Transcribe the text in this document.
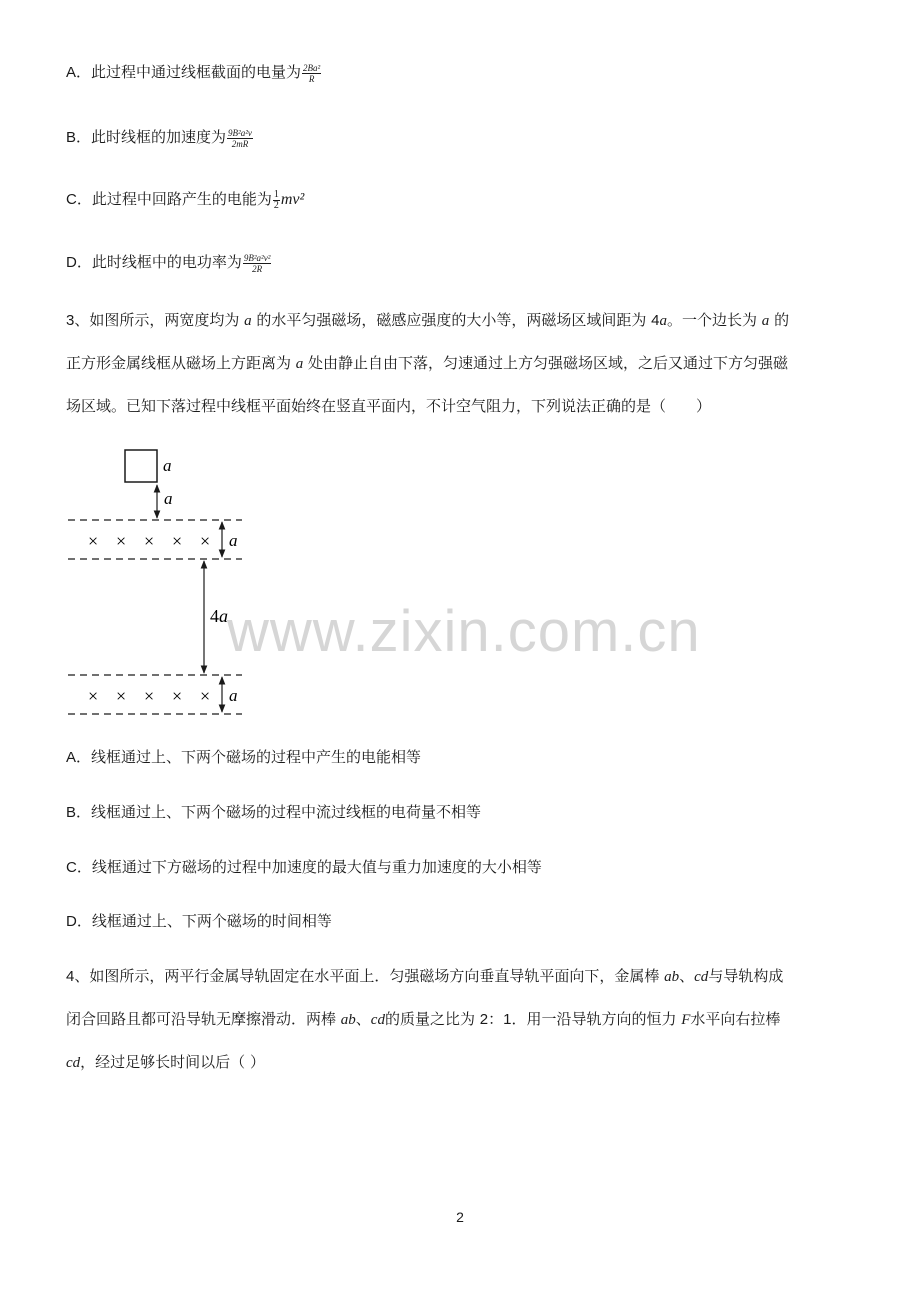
A．此过程中通过线框截面的电量为 $\frac{\text{2Ba²}}{R}$
B．此时线框的加速度为 $\frac{\text{9B²a²v}}{2mR}$
C．此过程中回路产生的电能为 $\frac{1}{2} mv^2$
D．此时线框中的电功率为 $\frac{\text{9B²a²v²}}{2R}$
3、如图所示，两宽度均为 a 的水平匀强磁场，磁感应强度的大小等，两磁场区域间距为 4a。一个边长为 a 的
正方形金属线框从磁场上方距离为 a 处由静止自由下落，匀速通过上方匀强磁场区域，之后又通过下方匀强磁
场区域。已知下落过程中线框平面始终在竖直平面内，不计空气阻力，下列说法正确的是（　　）
a
a
× × × × × a
4a
× × × × × a
www.zixin.com.cn
A．线框通过上、下两个磁场的过程中产生的电能相等
B．线框通过上、下两个磁场的过程中流过线框的电荷量不相等
C．线框通过下方磁场的过程中加速度的最大值与重力加速度的大小相等
D．线框通过上、下两个磁场的时间相等
4、如图所示，两平行金属导轨固定在水平面上．匀强磁场方向垂直导轨平面向下，金属棒 ab、cd与导轨构成
闭合回路且都可沿导轨无摩擦滑动．两棒 ab、cd的质量之比为 2：1．用一沿导轨方向的恒力 F水平向右拉棒
cd，经过足够长时间以后（ ）
2
